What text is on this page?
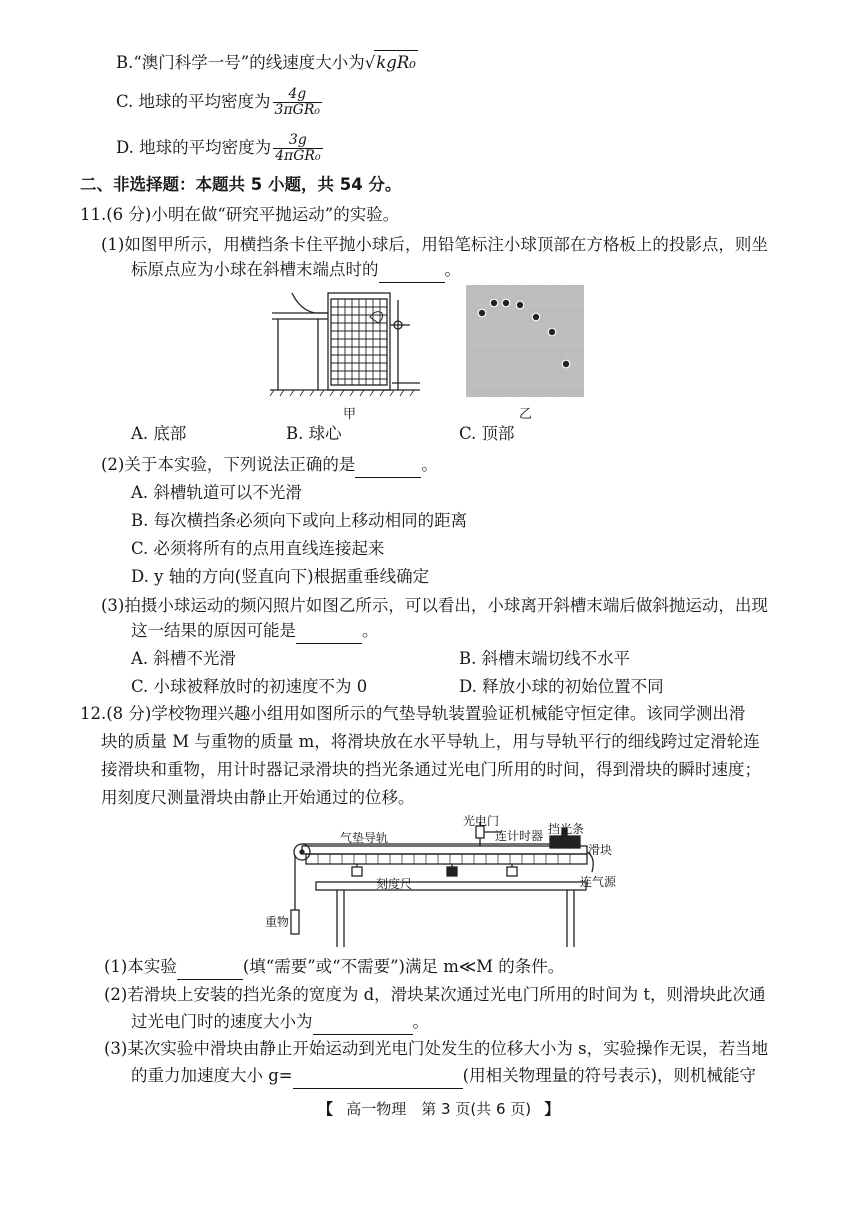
B.“澳门科学一号”的线速度大小为√kgR₀
C. 地球的平均密度为 $\frac{4g}{\text{3πGR₀}}$
D. 地球的平均密度为 $\frac{3g}{\text{4πGR₀}}$
二、非选择题：本题共 5 小题，共 54 分。
11.(6 分)小明在做“研究平抛运动”的实验。
(1)如图甲所示，用横挡条卡住平抛小球后，用铅笔标注小球顶部在方格板上的投影点，则坐
标原点应为小球在斜槽末端点时的	。
甲	乙
A. 底部	B. 球心	C. 顶部
(2)关于本实验，下列说法正确的是	。
A. 斜槽轨道可以不光滑
B. 每次横挡条必须向下或向上移动相同的距离
C. 必须将所有的点用直线连接起来
D. y 轴的方向(竖直向下)根据重垂线确定
(3)拍摄小球运动的频闪照片如图乙所示，可以看出，小球离开斜槽末端后做斜抛运动，出现
这一结果的原因可能是	。
A. 斜槽不光滑	B. 斜槽末端切线不水平
C. 小球被释放时的初速度不为 0	D. 释放小球的初始位置不同
12.(8 分)学校物理兴趣小组用如图所示的气垫导轨装置验证机械能守恒定律。该同学测出滑
块的质量 M 与重物的质量 m，将滑块放在水平导轨上，用与导轨平行的细线跨过定滑轮连
接滑块和重物，用计时器记录滑块的挡光条通过光电门所用的时间，得到滑块的瞬时速度；
用刻度尺测量滑块由静止开始通过的位移。
气垫导轨
光电门
连计时器 挡光条
滑块
刻度尺	连气源
重物
(1)本实验	(填“需要”或“不需要”)满足 m≪M 的条件。
(2)若滑块上安装的挡光条的宽度为 d，滑块某次通过光电门所用的时间为 t，则滑块此次通
过光电门时的速度大小为	。
(3)某次实验中滑块由静止开始运动到光电门处发生的位移大小为 s，实验操作无误，若当地
的重力加速度大小 g=	(用相关物理量的符号表示)，则机械能守
【 高一物理　第 3 页(共 6 页) 】
